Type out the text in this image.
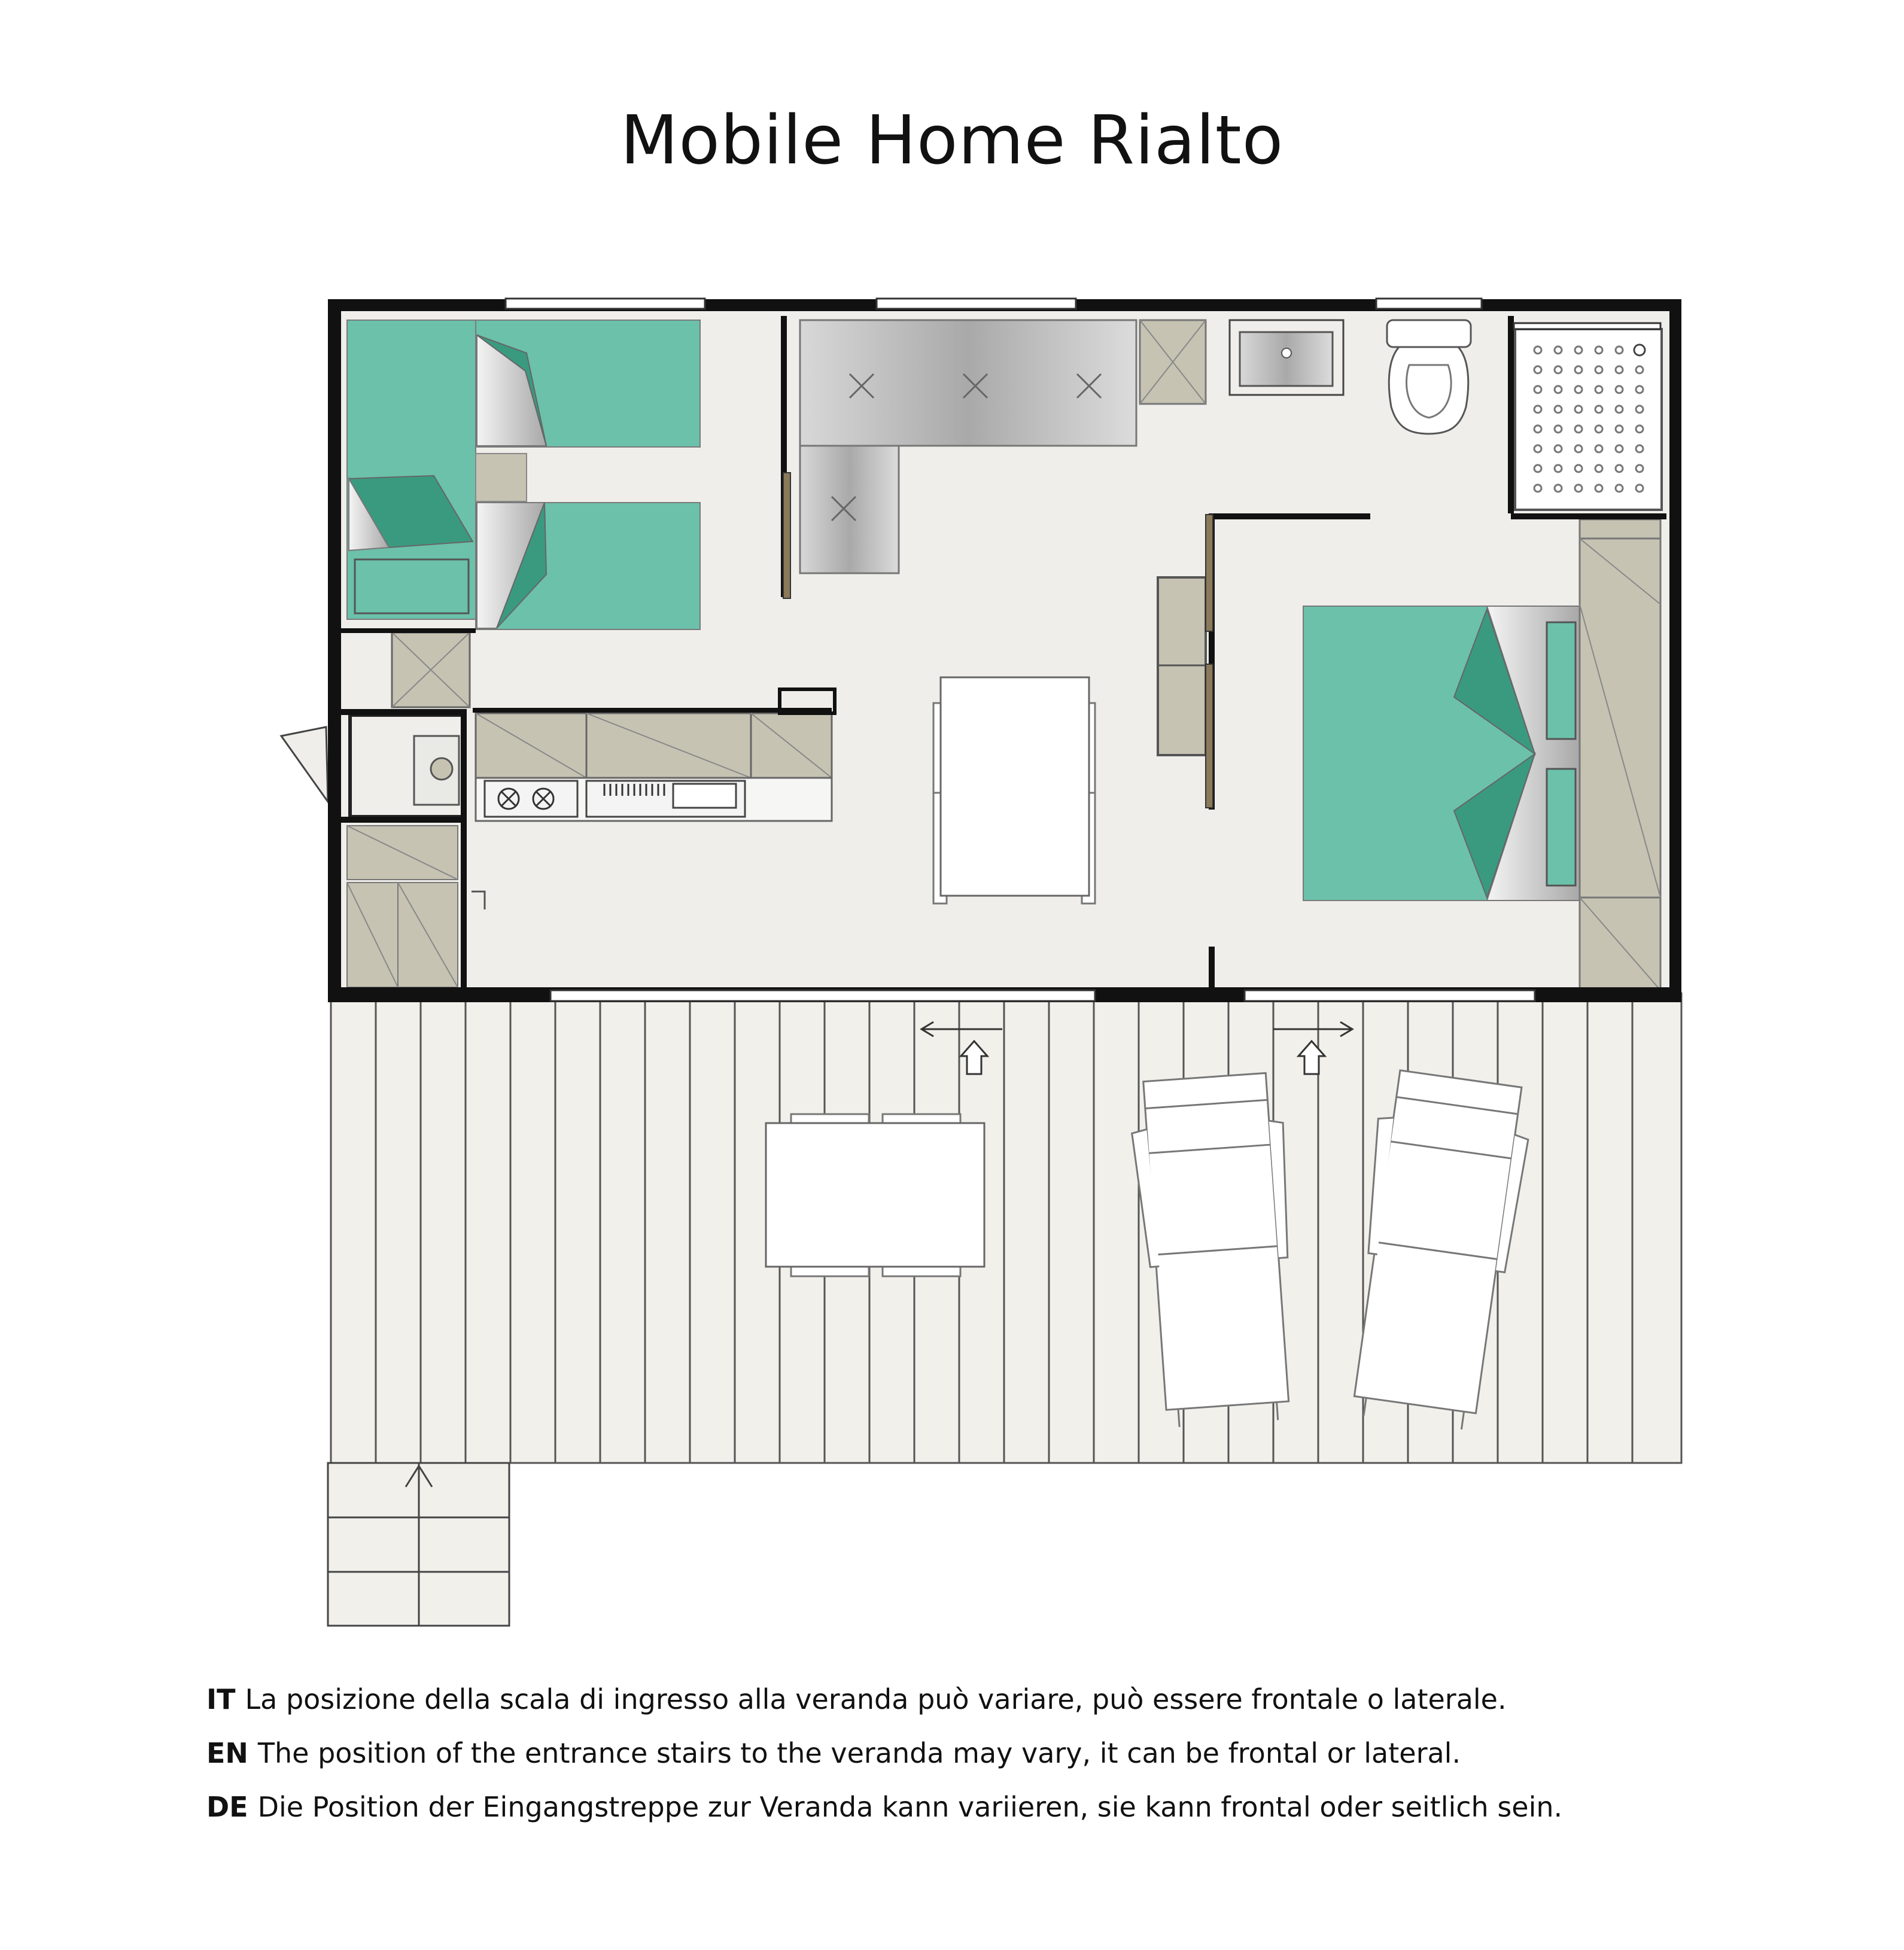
Mobile Home Rialto
IT La posizione della scala di ingresso alla veranda può variare, può essere frontale o laterale.
EN The position of the entrance stairs to the veranda may vary, it can be frontal or lateral.
DE Die Position der Eingangstreppe zur Veranda kann variieren, sie kann frontal oder seitlich sein.
